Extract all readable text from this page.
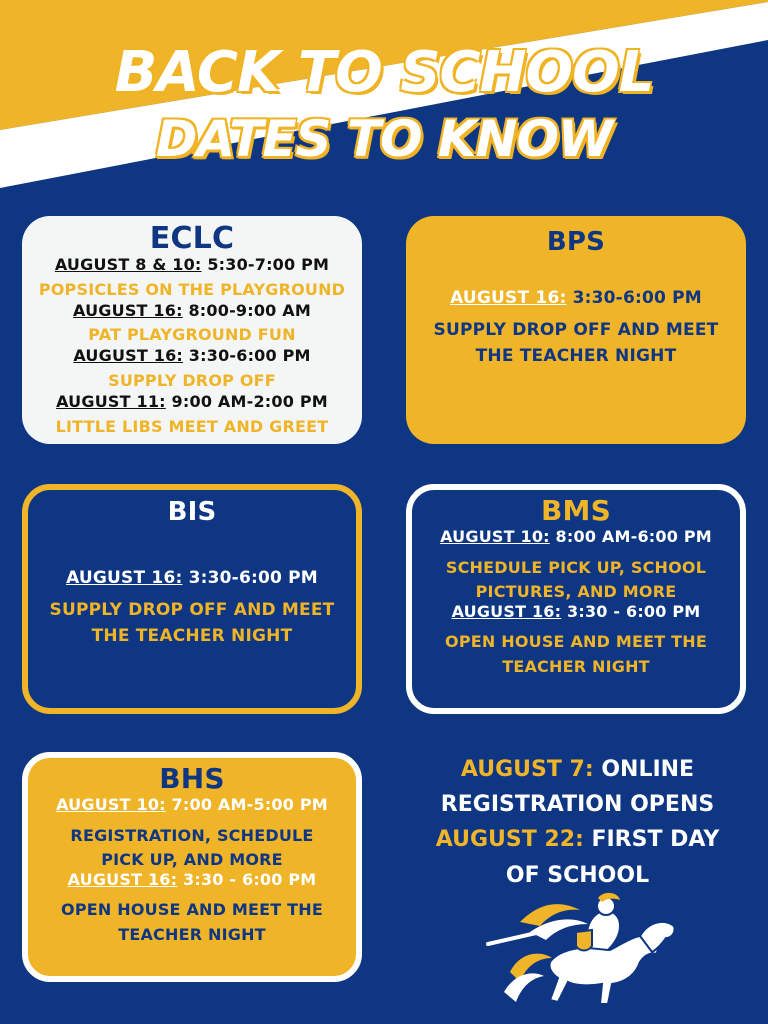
BACK TO SCHOOL
DATES TO KNOW
ECLC
AUGUST 8 & 10: 5:30-7:00 PM
POPSICLES ON THE PLAYGROUND
AUGUST 16: 8:00-9:00 AM
PAT PLAYGROUND FUN
AUGUST 16: 3:30-6:00 PM
SUPPLY DROP OFF
AUGUST 11: 9:00 AM-2:00 PM
LITTLE LIBS MEET AND GREET
BPS
AUGUST 16: 3:30-6:00 PM
SUPPLY DROP OFF AND MEET
THE TEACHER NIGHT
BIS
AUGUST 16: 3:30-6:00 PM
SUPPLY DROP OFF AND MEET
THE TEACHER NIGHT
BMS
AUGUST 10: 8:00 AM-6:00 PM
SCHEDULE PICK UP, SCHOOL
PICTURES, AND MORE
AUGUST 16: 3:30 - 6:00 PM
OPEN HOUSE AND MEET THE
TEACHER NIGHT
BHS
AUGUST 10: 7:00 AM-5:00 PM
REGISTRATION, SCHEDULE
PICK UP, AND MORE
AUGUST 16: 3:30 - 6:00 PM
OPEN HOUSE AND MEET THE
TEACHER NIGHT
AUGUST 7: ONLINE
REGISTRATION OPENS
AUGUST 22: FIRST DAY
OF SCHOOL
